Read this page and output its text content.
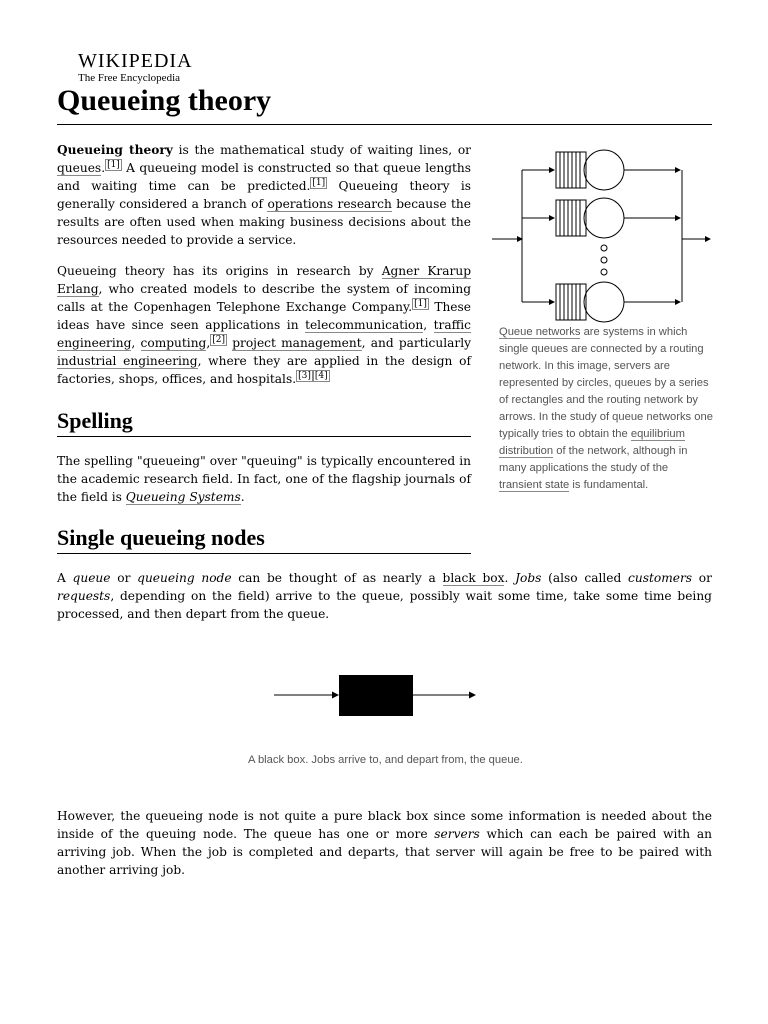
WIKIPEDIA
The Free Encyclopedia
Queueing theory

Queueing theory is the mathematical study of waiting lines, or queues. [1] A queueing model is constructed so that queue lengths and waiting time can be predicted. [1] Queueing theory is generally considered a branch of operations research because the results are often used when making business decisions about the resources needed to provide a service.

Queueing theory has its origins in research by Agner Krarup Erlang, who created models to describe the system of incoming calls at the Copenhagen Telephone Exchange Company. [1] These ideas have since seen applications in telecommunication, traffic engineering, computing, [2] project management, and particularly industrial engineering, where they are applied in the design of factories, shops, offices, and hospitals. [3] [4]

Queue networks are systems in which single queues are connected by a routing network. In this image, servers are represented by circles, queues by a series of rectangles and the routing network by arrows. In the study of queue networks one typically tries to obtain the equilibrium distribution of the network, although in many applications the study of the transient state is fundamental.

Spelling

The spelling "queueing" over "queuing" is typically encountered in the academic research field. In fact, one of the flagship journals of the field is Queueing Systems.

Single queueing nodes

A queue or queueing node can be thought of as nearly a black box. Jobs (also called customers or requests, depending on the field) arrive to the queue, possibly wait some time, take some time being processed, and then depart from the queue.

A black box. Jobs arrive to, and depart from, the queue.

However, the queueing node is not quite a pure black box since some information is needed about the inside of the queuing node. The queue has one or more servers which can each be paired with an arriving job. When the job is completed and departs, that server will again be free to be paired with another arriving job.
